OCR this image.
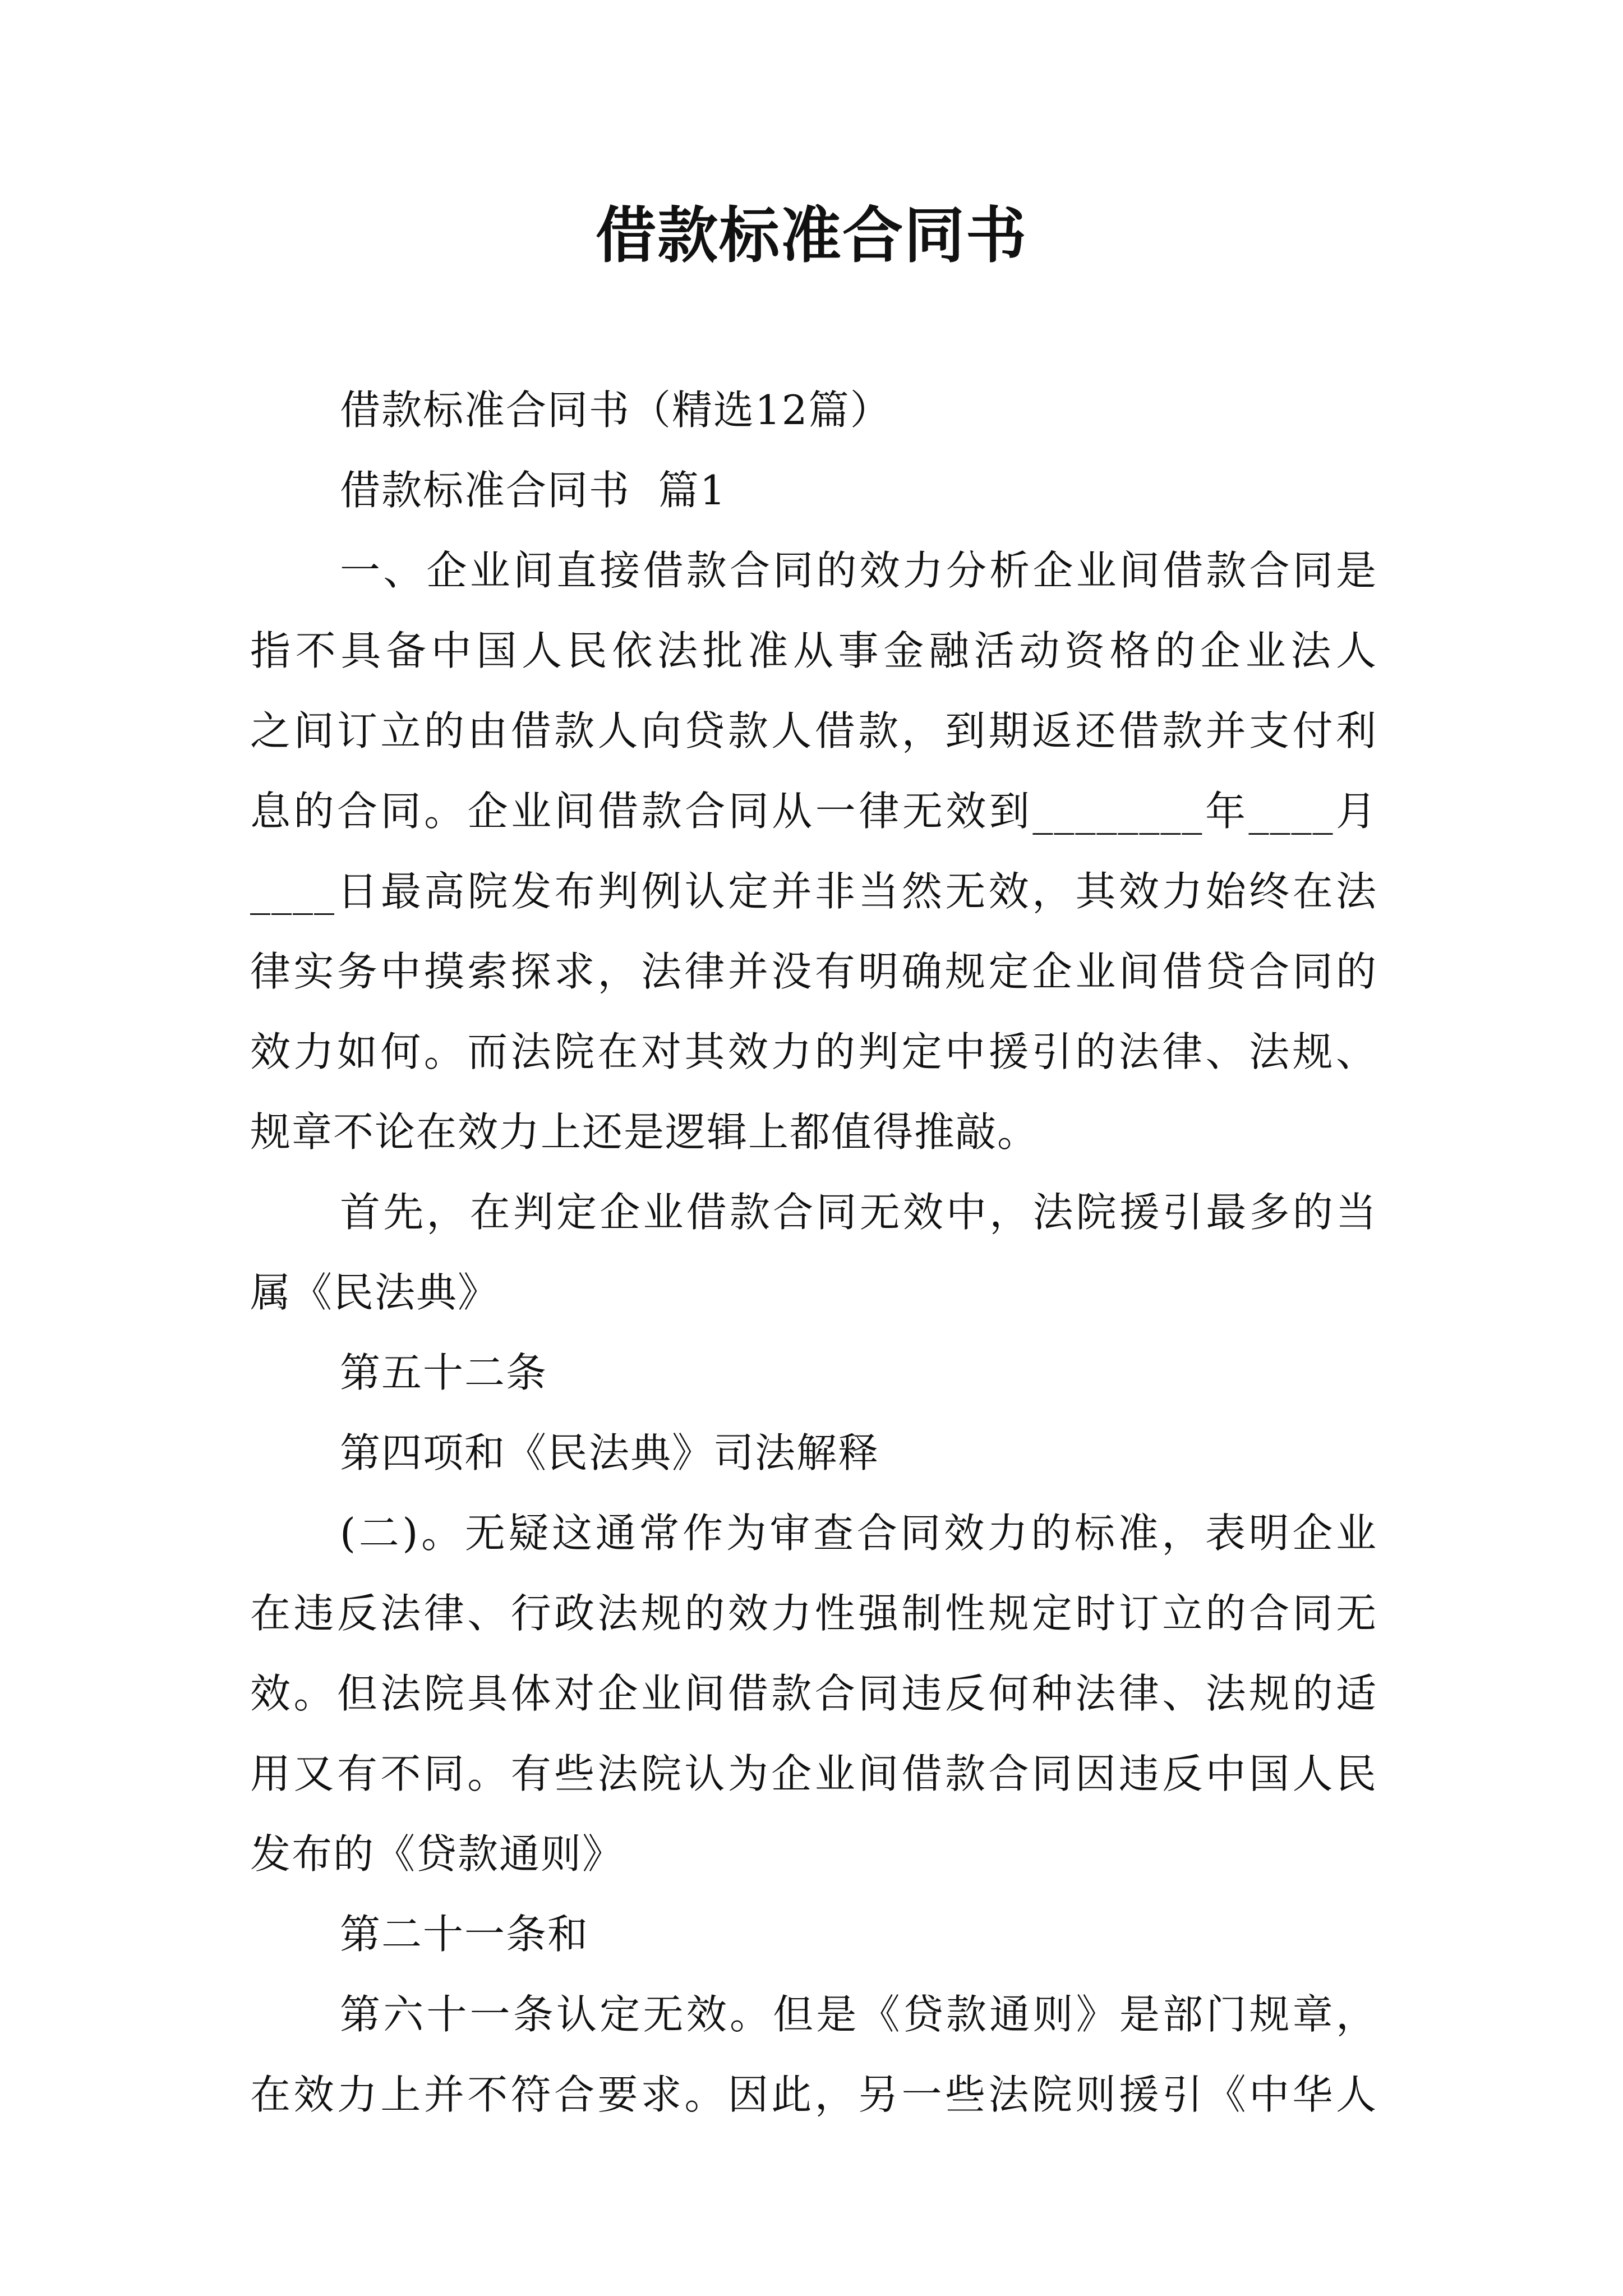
借款标准合同书
借款标准合同书（精选12篇）
借款标准合同书  篇1
一、企业间直接借款合同的效力分析企业间借款合同是
指不具备中国人民依法批准从事金融活动资格的企业法人
之间订立的由借款人向贷款人借款，到期返还借款并支付利
息的合同。企业间借款合同从一律无效到________年____月
____日最高院发布判例认定并非当然无效，其效力始终在法
律实务中摸索探求，法律并没有明确规定企业间借贷合同的
效力如何。而法院在对其效力的判定中援引的法律、法规、
规章不论在效力上还是逻辑上都值得推敲。
首先，在判定企业借款合同无效中，法院援引最多的当
属《民法典》
第五十二条
第四项和《民法典》司法解释
(二)。无疑这通常作为审查合同效力的标准，表明企业
在违反法律、行政法规的效力性强制性规定时订立的合同无
效。但法院具体对企业间借款合同违反何种法律、法规的适
用又有不同。有些法院认为企业间借款合同因违反中国人民
发布的《贷款通则》
第二十一条和
第六十一条认定无效。但是《贷款通则》是部门规章，
在效力上并不符合要求。因此，另一些法院则援引《中华人
